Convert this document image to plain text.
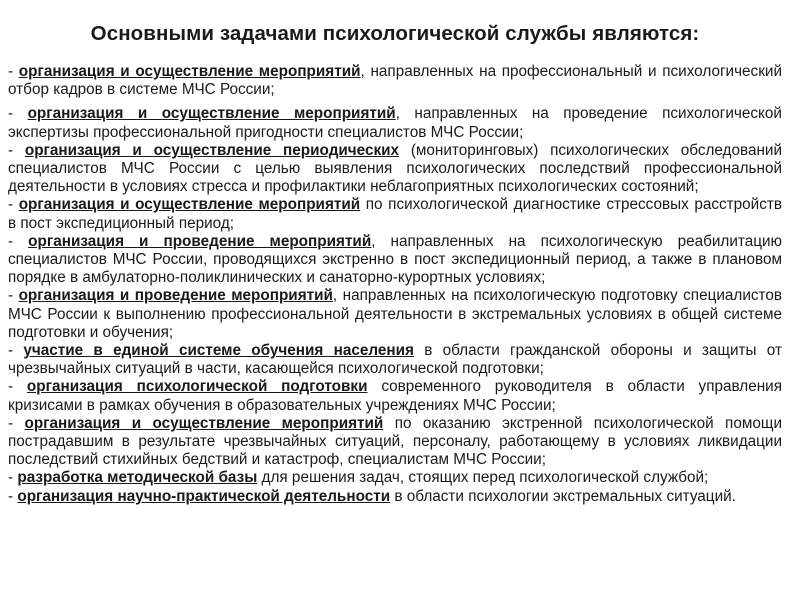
Основными задачами психологической службы являются:

- организация и осуществление мероприятий, направленных на профессиональный и психологический отбор кадров в системе МЧС России;

- организация и осуществление мероприятий, направленных на проведение психологической экспертизы профессиональной пригодности специалистов МЧС России;

- организация и осуществление периодических (мониторинговых) психологических обследований специалистов МЧС России с целью выявления психологических последствий профессиональной деятельности в условиях стресса и профилактики неблагоприятных психологических состояний;

- организация и осуществление мероприятий по психологической диагностике стрессовых расстройств в пост экспедиционный период;

- организация и проведение мероприятий, направленных на психологическую реабилитацию специалистов МЧС России, проводящихся экстренно в пост экспедиционный период, а также в плановом порядке в амбулаторно-поликлинических и санаторно-курортных условиях;

- организация и проведение мероприятий, направленных на психологическую подготовку специалистов МЧС России к выполнению профессиональной деятельности в экстремальных условиях в общей системе подготовки и обучения;

- участие в единой системе обучения населения в области гражданской обороны и защиты от чрезвычайных ситуаций в части, касающейся психологической подготовки;

- организация психологической подготовки современного руководителя в области управления кризисами в рамках обучения в образовательных учреждениях МЧС России;

- организация и осуществление мероприятий по оказанию экстренной психологической помощи пострадавшим в результате чрезвычайных ситуаций, персоналу, работающему в условиях ликвидации последствий стихийных бедствий и катастроф, специалистам МЧС России;

- разработка методической базы для решения задач, стоящих перед психологической службой;

- организация научно-практической деятельности в области психологии экстремальных ситуаций.
